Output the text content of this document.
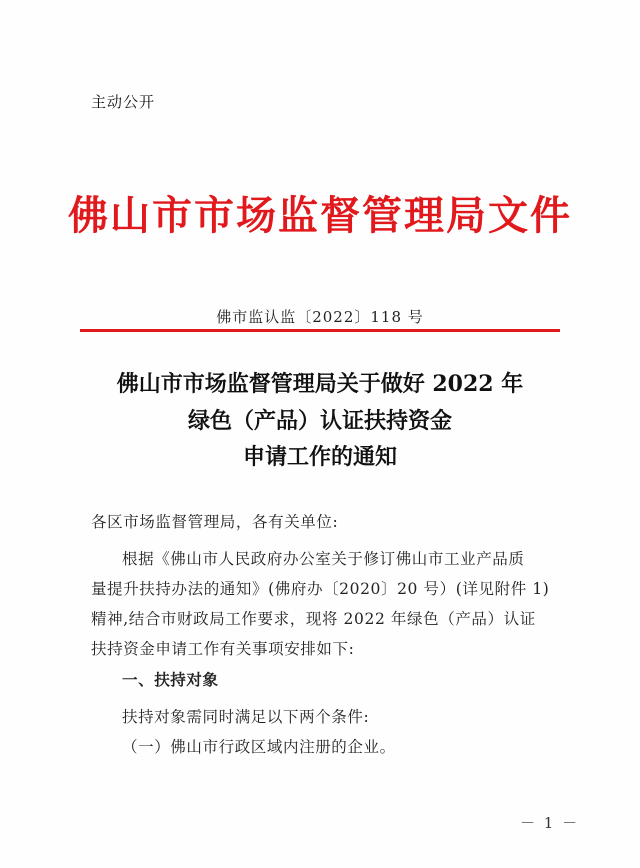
主动公开
佛山市市场监督管理局文件
佛市监认监〔2022〕118 号
佛山市市场监督管理局关于做好 2022 年
绿色（产品）认证扶持资金
申请工作的通知
各区市场监督管理局，各有关单位:
根据《佛山市人民政府办公室关于修订佛山市工业产品质
量提升扶持办法的通知》(佛府办〔2020〕20 号）(详见附件 1)
精神,结合市财政局工作要求，现将 2022 年绿色（产品）认证
扶持资金申请工作有关事项安排如下:
一、扶持对象
扶持对象需同时满足以下两个条件:
（一）佛山市行政区域内注册的企业。
－ 1 －
